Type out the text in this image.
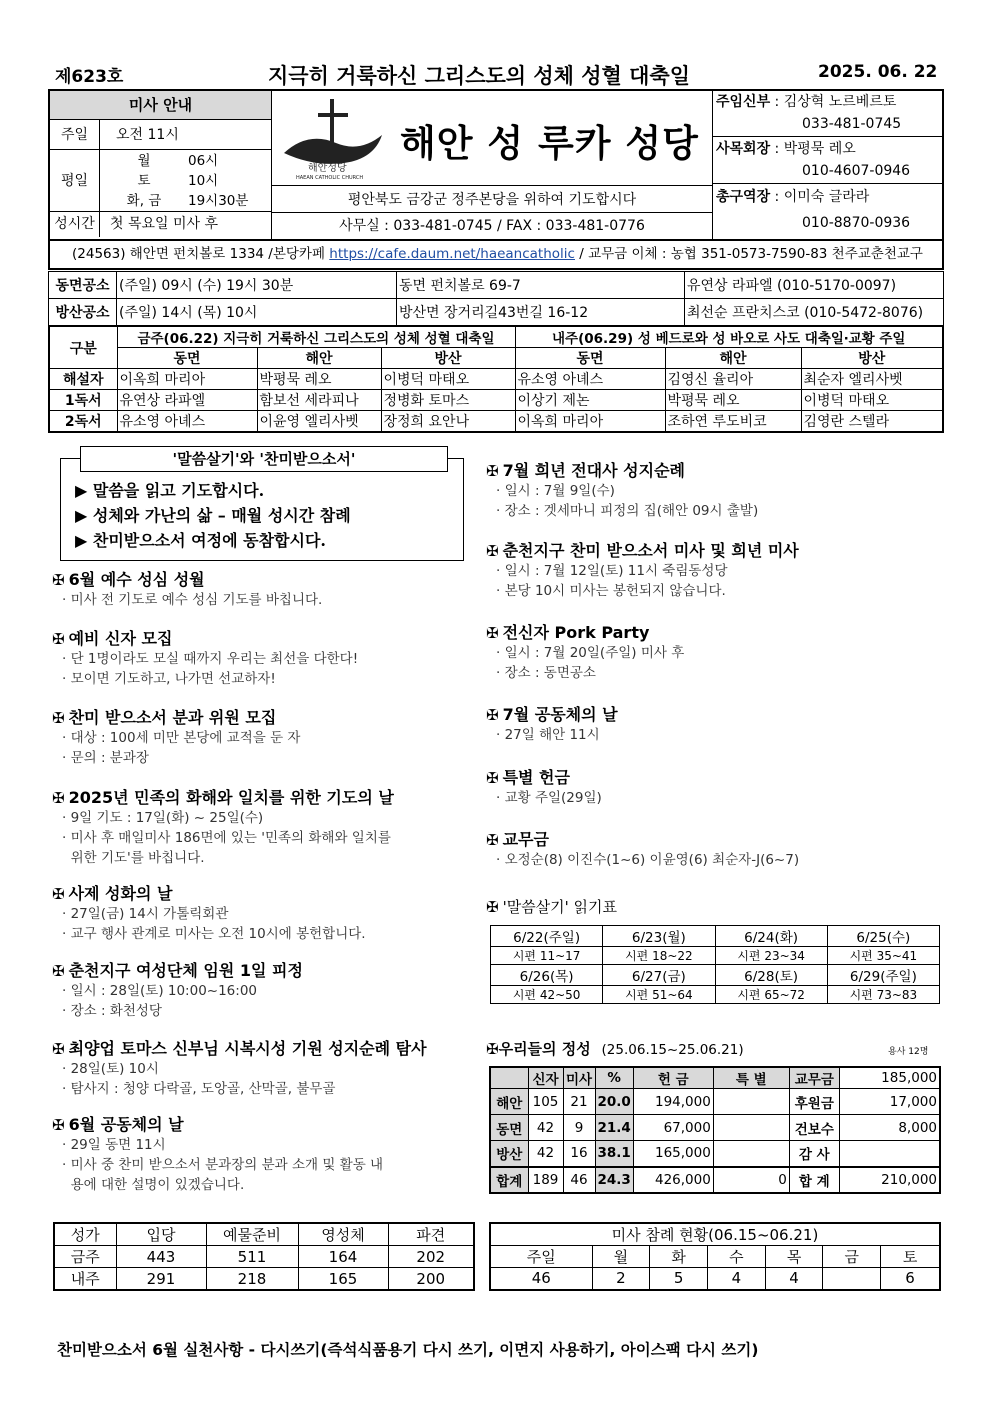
제623호	지극히 거룩하신 그리스도의 성체 성혈 대축일	2025. 06. 22
미사 안내
주일	오전 11시
평일
월	06시
토	10시
화, 금	19시30분
성시간	첫 목요일 미사 후
해안성당
HAEAN CATHOLIC CHURCH
해안 성 루카 성당
평안북도 금강군 정주본당을 위하여 기도합시다
사무실 : 033-481-0745 / FAX : 033-481-0776
주임신부 : 김상혁 노르베르토
033-481-0745
사목회장 : 박평묵 레오
010-4607-0946
총구역장 : 이미숙 글라라
010-8870-0936
(24563) 해안면 펀치볼로 1334 /본당카페 https://cafe.daum.net/haeancatholic / 교무금 이체 : 농협 351-0573-7590-83 천주교춘천교구
동면공소	(주일) 09시 (수) 19시 30분	동면 펀치볼로 69-7	유연상 라파엘 (010-5170-0097)
방산공소	(주일) 14시 (목) 10시	방산면 장거리길43번길 16-12	최선순 프란치스코 (010-5472-8076)
구분	금주(06.22) 지극히 거룩하신 그리스도의 성체 성혈 대축일			내주(06.29) 성 베드로와 성 바오로 사도 대축일‧교황 주일		
	동면	해안	방산	동면	해안	방산
해설자	이옥희 마리아	박평묵 레오	이병덕 마태오	유소영 아녜스	김영신 율리아	최순자 엘리사벳
1독서	유연상 라파엘	함보선 세라피나	정병화 토마스	이상기 제논	박평묵 레오	이병덕 마태오
2독서	유소영 아녜스	이윤영 엘리사벳	장정희 요안나	이옥희 마리아	조하연 루도비코	김영란 스텔라
'말씀살기'와 '찬미받으소서'
▶ 말씀을 읽고 기도합시다.
▶ 성체와 가난의 삶 – 매월 성시간 참례
▶ 찬미받으소서 여정에 동참합시다.
✠ 6월 예수 성심 성월
· 미사 전 기도로 예수 성심 기도를 바칩니다.
✠ 예비 신자 모집
· 단 1명이라도 모실 때까지 우리는 최선을 다한다!
· 모이면 기도하고, 나가면 선교하자!
✠ 찬미 받으소서 분과 위원 모집
· 대상 : 100세 미만 본당에 교적을 둔 자
· 문의 : 분과장
✠ 2025년 민족의 화해와 일치를 위한 기도의 날
· 9일 기도 : 17일(화) ~ 25일(수)
· 미사 후 매일미사 186면에 있는 '민족의 화해와 일치를
위한 기도'를 바칩니다.
✠ 사제 성화의 날
· 27일(금) 14시 가톨릭회관
· 교구 행사 관계로 미사는 오전 10시에 봉헌합니다.
✠ 춘천지구 여성단체 임원 1일 피정
· 일시 : 28일(토) 10:00~16:00
· 장소 : 화천성당
✠ 최양업 토마스 신부님 시복시성 기원 성지순례 탐사
· 28일(토) 10시
· 탐사지 : 청양 다락골, 도앙골, 산막골, 불무골
✠ 6월 공동체의 날
· 29일 동면 11시
· 미사 중 찬미 받으소서 분과장의 분과 소개 및 활동 내
용에 대한 설명이 있겠습니다.
✠ 7월 희년 전대사 성지순례
· 일시 : 7월 9일(수)
· 장소 : 겟세마니 피정의 집(해안 09시 출발)
✠ 춘천지구 찬미 받으소서 미사 및 희년 미사
· 일시 : 7월 12일(토) 11시 죽림동성당
· 본당 10시 미사는 봉헌되지 않습니다.
✠ 전신자 Pork Party
· 일시 : 7월 20일(주일) 미사 후
· 장소 : 동면공소
✠ 7월 공동체의 날
· 27일 해안 11시
✠ 특별 헌금
· 교황 주일(29일)
✠ 교무금
· 오정순(8) 이진수(1~6) 이윤영(6) 최순자-J(6~7)
✠ '말씀살기' 읽기표
6/22(주일)	6/23(월)	6/24(화)	6/25(수)
시편 11~17	시편 18~22	시편 23~34	시편 35~41
6/26(목)	6/27(금)	6/28(토)	6/29(주일)
시편 42~50	시편 51~64	시편 65~72	시편 73~83
✠우리들의 정성 (25.06.15~25.06.21)	용사 12명
	신자	미사	%	헌 금	특 별	교무금	185,000
해안	105	21	20.0	194,000		후원금	17,000
동면	42	9	21.4	67,000		건보수	8,000
방산	42	16	38.1	165,000		감 사	
합계	189	46	24.3	426,000	0	합 계	210,000
성가	입당	예물준비	영성체	파견
금주	443	511	164	202
내주	291	218	165	200
미사 참례 현황(06.15~06.21)						
주일	월	화	수	목	금	토
46	2	5	4	4		6
찬미받으소서 6월 실천사항 - 다시쓰기(즉석식품용기 다시 쓰기, 이면지 사용하기, 아이스팩 다시 쓰기)
